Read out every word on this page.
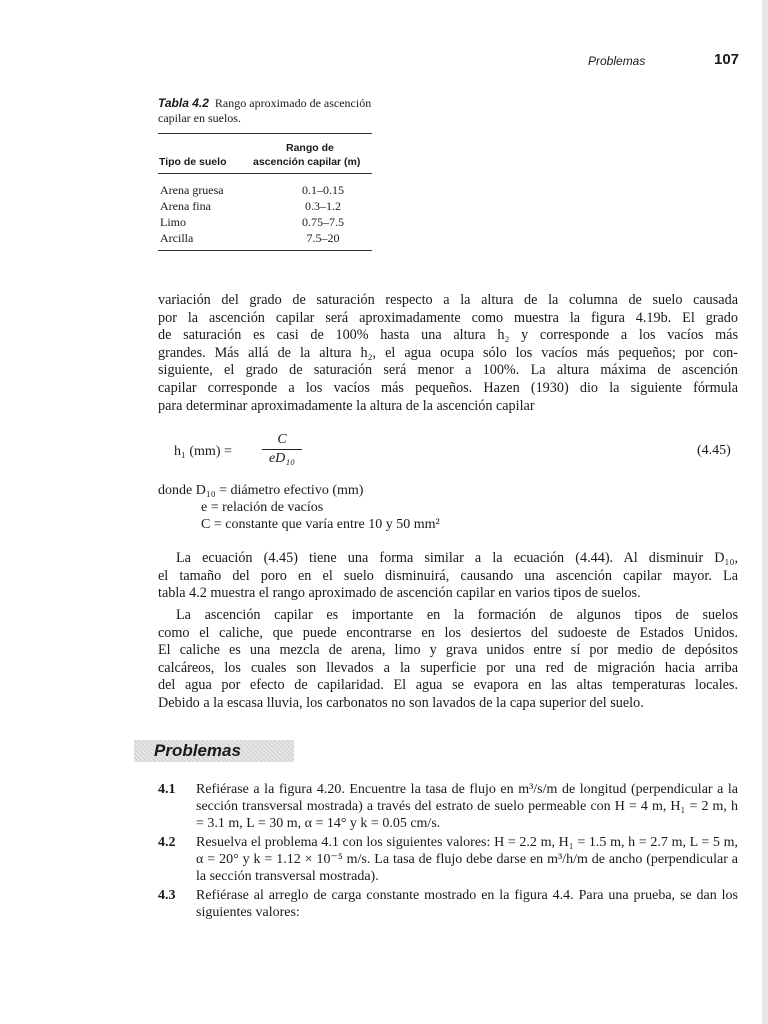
Problemas	107
Tabla 4.2 Rango aproximado de ascención capilar en suelos.
Rango de
Tipo de suelo	ascención capilar (m)
Arena gruesa	0.1–0.15
Arena fina	0.3–1.2
Limo	0.75–7.5
Arcilla	7.5–20
variación del grado de saturación respecto a la altura de la columna de suelo causada
por la ascención capilar será aproximadamente como muestra la figura 4.19b. El grado
de saturación es casi de 100% hasta una altura h₂ y corresponde a los vacíos más
grandes. Más allá de la altura h₂, el agua ocupa sólo los vacíos más pequeños; por con-
siguiente, el grado de saturación será menor a 100%. La altura máxima de ascención
capilar corresponde a los vacíos más pequeños. Hazen (1930) dio la siguiente fórmula
para determinar aproximadamente la altura de la ascención capilar
h₁ (mm) =
C
eD₁₀
(4.45)
donde D₁₀ = diámetro efectivo (mm)
e = relación de vacíos
C = constante que varía entre 10 y 50 mm²
La ecuación (4.45) tiene una forma similar a la ecuación (4.44). Al disminuir D₁₀,
el tamaño del poro en el suelo disminuirá, causando una ascención capilar mayor. La
tabla 4.2 muestra el rango aproximado de ascención capilar en varios tipos de suelos.
La ascención capilar es importante en la formación de algunos tipos de suelos
como el caliche, que puede encontrarse en los desiertos del sudoeste de Estados Unidos.
El caliche es una mezcla de arena, limo y grava unidos entre sí por medio de depósitos
calcáreos, los cuales son llevados a la superficie por una red de migración hacia arriba
del agua por efecto de capilaridad. El agua se evapora en las altas temperaturas locales.
Debido a la escasa lluvia, los carbonatos no son lavados de la capa superior del suelo.
Problemas
4.1 Refiérase a la figura 4.20. Encuentre la tasa de flujo en m³/s/m de longitud (perpendicular a la sección transversal mostrada) a través del estrato de suelo permeable con H = 4 m, H₁ = 2 m, h = 3.1 m, L = 30 m, α = 14° y k = 0.05 cm/s.
4.2 Resuelva el problema 4.1 con los siguientes valores: H = 2.2 m, H₁ = 1.5 m, h = 2.7 m, L = 5 m, α = 20° y k = 1.12 × 10⁻⁵ m/s. La tasa de flujo debe darse en m³/h/m de ancho (perpendicular a la sección transversal mostrada).
4.3 Refiérase al arreglo de carga constante mostrado en la figura 4.4. Para una prueba, se dan los siguientes valores:
